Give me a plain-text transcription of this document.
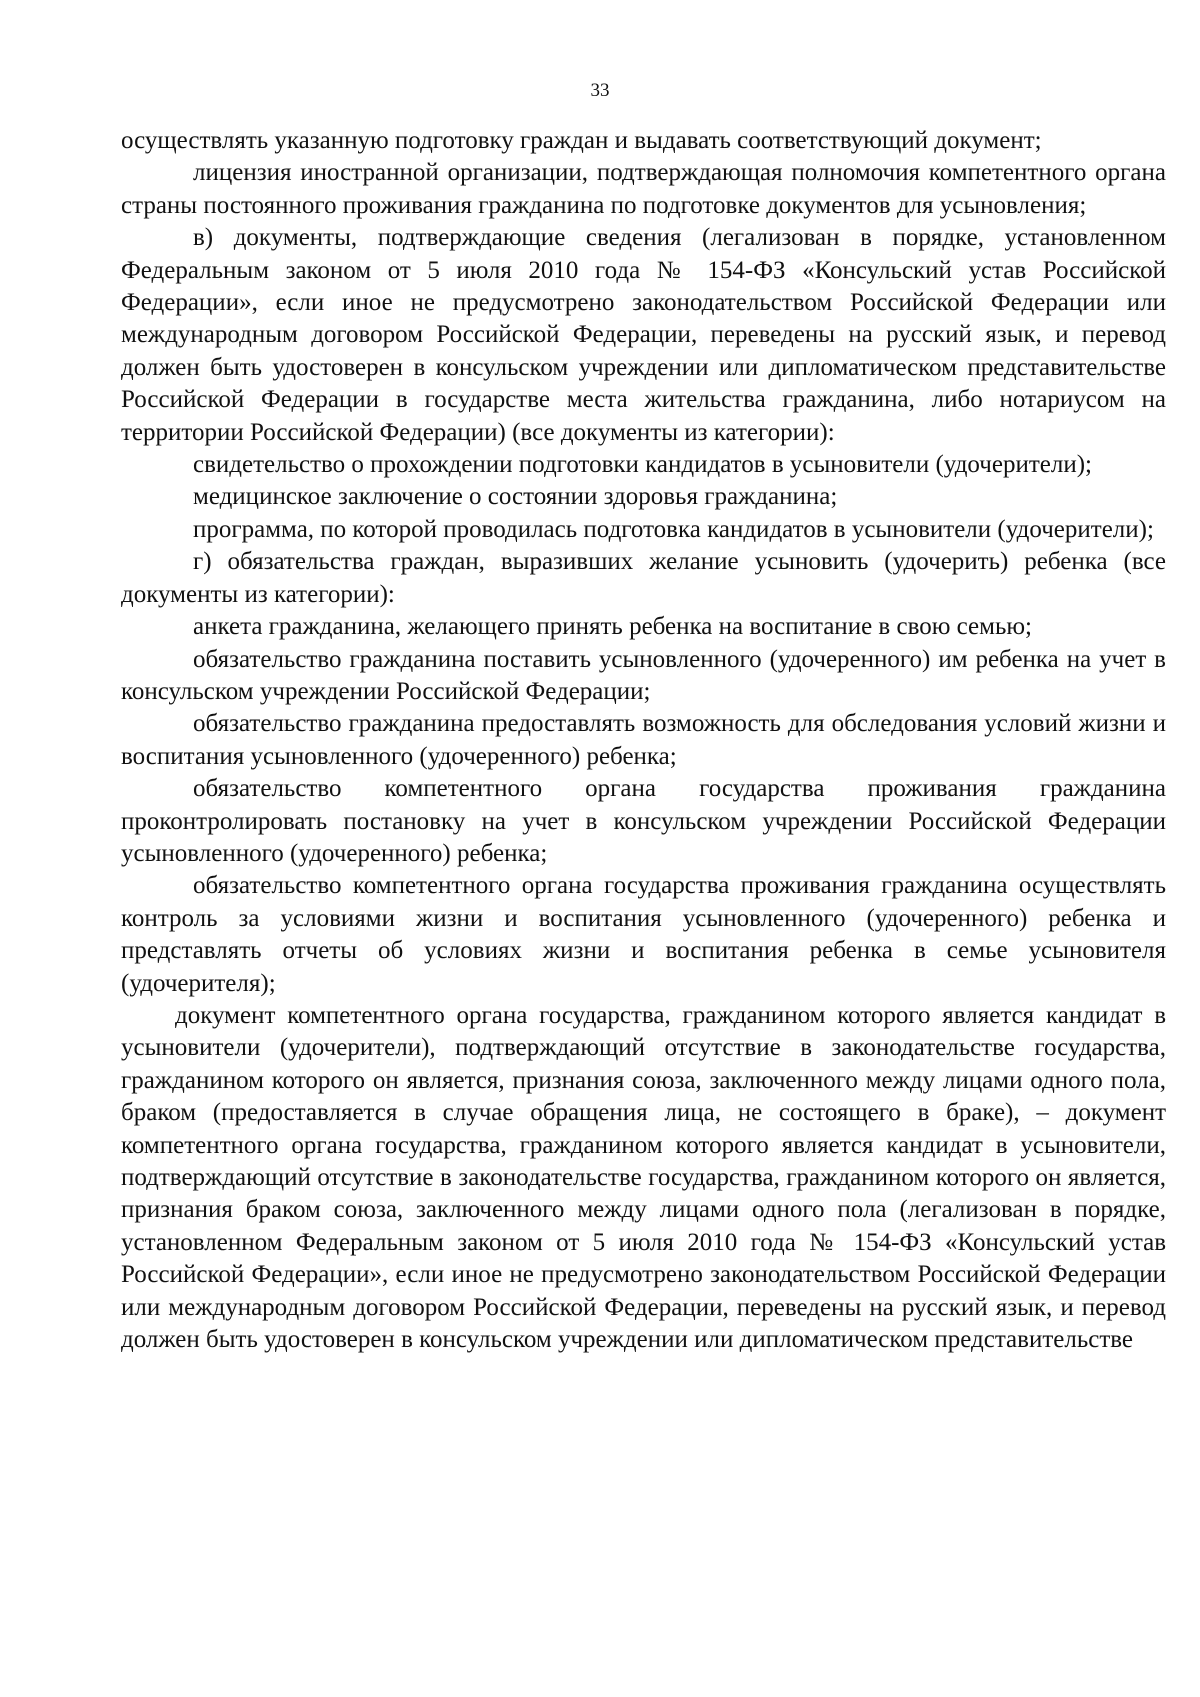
33

осуществлять указанную подготовку граждан и выдавать соответствующий документ;

лицензия иностранной организации, подтверждающая полномочия компетентного органа страны постоянного проживания гражданина по подготовке документов для усыновления;

в) документы, подтверждающие сведения (легализован в порядке, установленном Федеральным законом от 5 июля 2010 года № 154-ФЗ «Консульский устав Российской Федерации», если иное не предусмотрено законодательством Российской Федерации или международным договором Российской Федерации, переведены на русский язык, и перевод должен быть удостоверен в консульском учреждении или дипломатическом представительстве Российской Федерации в государстве места жительства гражданина, либо нотариусом на территории Российской Федерации) (все документы из категории):

свидетельство о прохождении подготовки кандидатов в усыновители (удочерители);

медицинское заключение о состоянии здоровья гражданина;

программа, по которой проводилась подготовка кандидатов в усыновители (удочерители);

г) обязательства граждан, выразивших желание усыновить (удочерить) ребенка (все документы из категории):

анкета гражданина, желающего принять ребенка на воспитание в свою семью;

обязательство гражданина поставить усыновленного (удочеренного) им ребенка на учет в консульском учреждении Российской Федерации;

обязательство гражданина предоставлять возможность для обследования условий жизни и воспитания усыновленного (удочеренного) ребенка;

обязательство компетентного органа государства проживания гражданина проконтролировать постановку на учет в консульском учреждении Российской Федерации усыновленного (удочеренного) ребенка;

обязательство компетентного органа государства проживания гражданина осуществлять контроль за условиями жизни и воспитания усыновленного (удочеренного) ребенка и представлять отчеты об условиях жизни и воспитания ребенка в семье усыновителя (удочерителя);

документ компетентного органа государства, гражданином которого является кандидат в усыновители (удочерители), подтверждающий отсутствие в законодательстве государства, гражданином которого он является, признания союза, заключенного между лицами одного пола, браком (предоставляется в случае обращения лица, не состоящего в браке), – документ компетентного органа государства, гражданином которого является кандидат в усыновители, подтверждающий отсутствие в законодательстве государства, гражданином которого он является, признания браком союза, заключенного между лицами одного пола (легализован в порядке, установленном Федеральным законом от 5 июля 2010 года № 154-ФЗ «Консульский устав Российской Федерации», если иное не предусмотрено законодательством Российской Федерации или международным договором Российской Федерации, переведены на русский язык, и перевод должен быть удостоверен в консульском учреждении или дипломатическом представительстве
